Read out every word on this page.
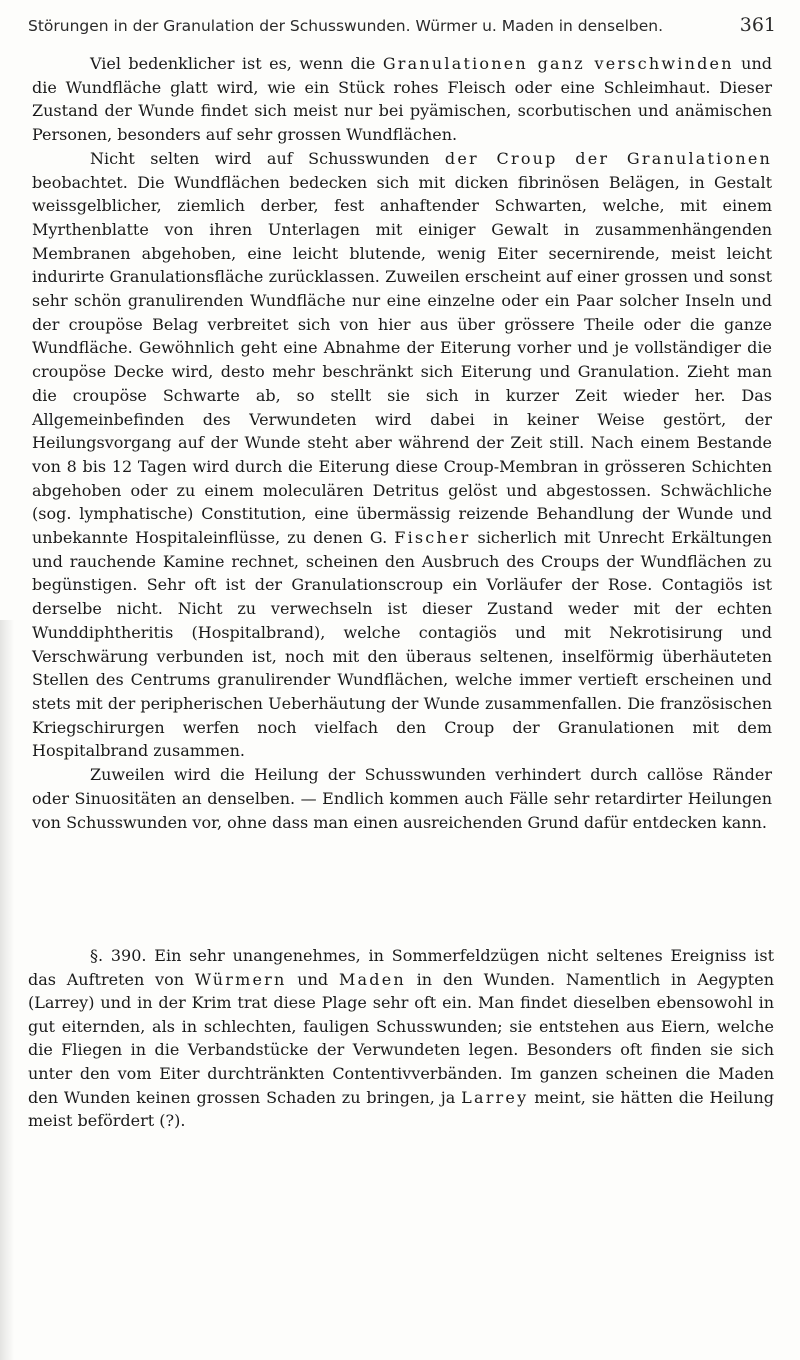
Störungen in der Granulation der Schusswunden. Würmer u. Maden in denselben.	361

Viel bedenklicher ist es, wenn die Granulationen ganz verschwinden und die Wundfläche glatt wird, wie ein Stück rohes Fleisch oder eine Schleimhaut. Dieser Zustand der Wunde findet sich meist nur bei pyämischen, scorbutischen und anämischen Personen, besonders auf sehr grossen Wundflächen.

Nicht selten wird auf Schusswunden der Croup der Granulationen beobachtet. Die Wundflächen bedecken sich mit dicken fibrinösen Belägen, in Gestalt weissgelblicher, ziemlich derber, fest anhaftender Schwarten, welche, mit einem Myrthenblatte von ihren Unterlagen mit einiger Gewalt in zusammenhängenden Membranen abgehoben, eine leicht blutende, wenig Eiter secernirende, meist leicht indurirte Granulationsfläche zurücklassen. Zuweilen erscheint auf einer grossen und sonst sehr schön granulirenden Wundfläche nur eine einzelne oder ein Paar solcher Inseln und der croupöse Belag verbreitet sich von hier aus über grössere Theile oder die ganze Wundfläche. Gewöhnlich geht eine Abnahme der Eiterung vorher und je vollständiger die croupöse Decke wird, desto mehr beschränkt sich Eiterung und Granulation. Zieht man die croupöse Schwarte ab, so stellt sie sich in kurzer Zeit wieder her. Das Allgemeinbefinden des Verwundeten wird dabei in keiner Weise gestört, der Heilungsvorgang auf der Wunde steht aber während der Zeit still. Nach einem Bestande von 8 bis 12 Tagen wird durch die Eiterung diese Croup-Membran in grösseren Schichten abgehoben oder zu einem moleculären Detritus gelöst und abgestossen. Schwächliche (sog. lymphatische) Constitution, eine übermässig reizende Behandlung der Wunde und unbekannte Hospitaleinflüsse, zu denen G. Fischer sicherlich mit Unrecht Erkältungen und rauchende Kamine rechnet, scheinen den Ausbruch des Croups der Wundflächen zu begünstigen. Sehr oft ist der Granulationscroup ein Vorläufer der Rose. Contagiös ist derselbe nicht. Nicht zu verwechseln ist dieser Zustand weder mit der echten Wunddiphtheritis (Hospitalbrand), welche contagiös und mit Nekrotisirung und Verschwärung verbunden ist, noch mit den überaus seltenen, inselförmig überhäuteten Stellen des Centrums granulirender Wundflächen, welche immer vertieft erscheinen und stets mit der peripherischen Ueberhäutung der Wunde zusammenfallen. Die französischen Kriegschirurgen werfen noch vielfach den Croup der Granulationen mit dem Hospitalbrand zusammen.

Zuweilen wird die Heilung der Schusswunden verhindert durch callöse Ränder oder Sinuositäten an denselben. — Endlich kommen auch Fälle sehr retardirter Heilungen von Schusswunden vor, ohne dass man einen ausreichenden Grund dafür entdecken kann.

§. 390. Ein sehr unangenehmes, in Sommerfeldzügen nicht seltenes Ereigniss ist das Auftreten von Würmern und Maden in den Wunden. Namentlich in Aegypten (Larrey) und in der Krim trat diese Plage sehr oft ein. Man findet dieselben ebensowohl in gut eiternden, als in schlechten, fauligen Schusswunden; sie entstehen aus Eiern, welche die Fliegen in die Verbandstücke der Verwundeten legen. Besonders oft finden sie sich unter den vom Eiter durchtränkten Contentivverbänden. Im ganzen scheinen die Maden den Wunden keinen grossen Schaden zu bringen, ja Larrey meint, sie hätten die Heilung meist befördert (?).
